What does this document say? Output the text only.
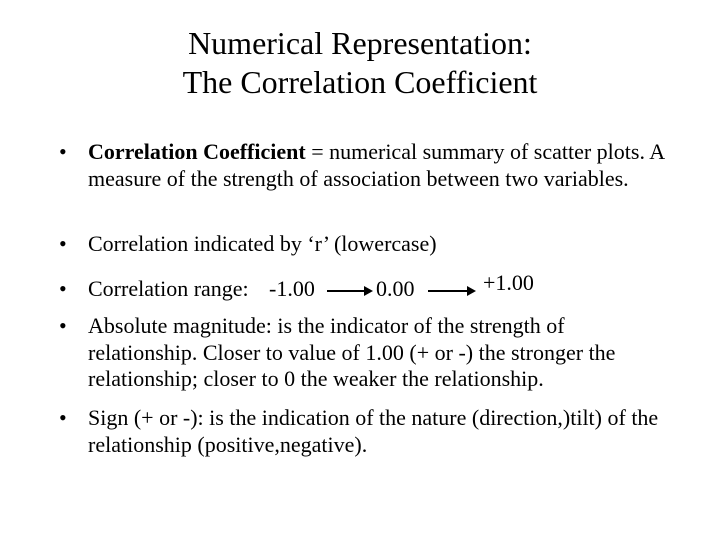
Numerical Representation:
The Correlation Coefficient
• Correlation Coefficient = numerical summary of scatter plots. A measure of the strength of association between two variables.
• Correlation indicated by ‘r’ (lowercase)
• Correlation range: -1.00	0.00	+1.00
• Absolute magnitude: is the indicator of the strength of relationship. Closer to value of 1.00 (+ or -) the stronger the relationship; closer to 0 the weaker the relationship.
• Sign (+ or -): is the indication of the nature (direction,)tilt) of the relationship (positive,negative).
